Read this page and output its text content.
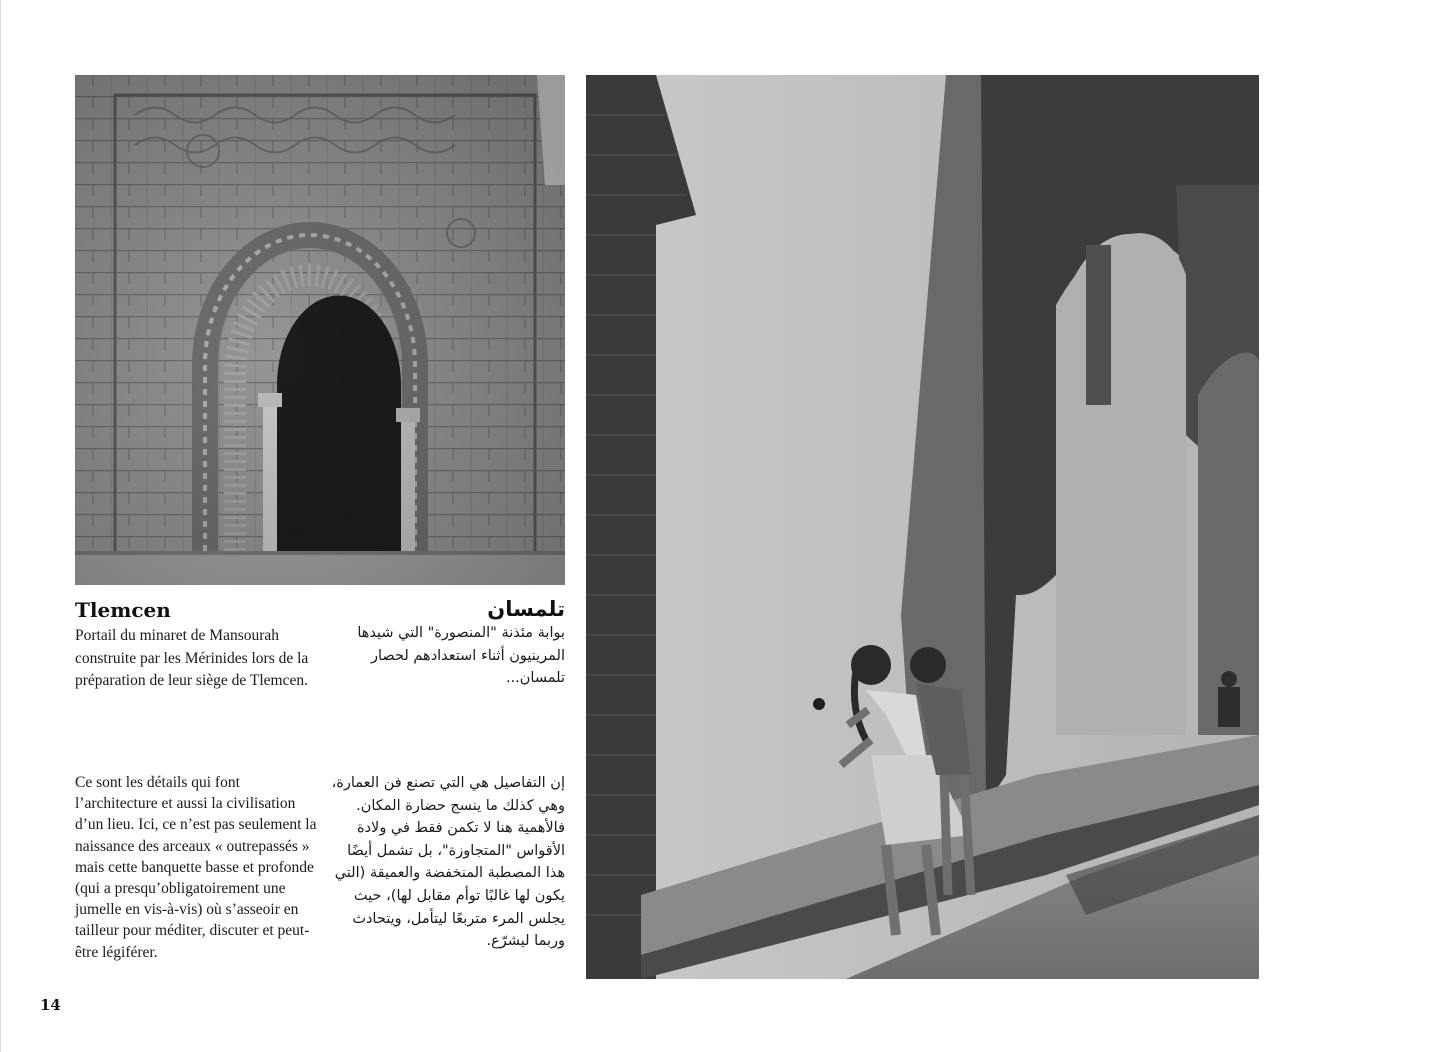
Tlemcen

Portail du minaret de Mansourah construite par les Mérinides lors de la préparation de leur siège de Tlemcen.

تلمسان

بوابة مئذنة "المنصورة" التي شيدها المرينيون أثناء استعدادهم لحصار تلمسان...

Ce sont les détails qui font l’architecture et aussi la civilisation d’un lieu. Ici, ce n’est pas seulement la naissance des arceaux « outrepassés » mais cette banquette basse et profonde (qui a presqu’obligatoirement une jumelle en vis-à-vis) où s’asseoir en tailleur pour méditer, discuter et peut-être légiférer.

إن التفاصيل هي التي تصنع فن العمارة، وهي كذلك ما ينسج حضارة المكان. فالأهمية هنا لا تكمن فقط في ولادة الأقواس "المتجاوزة"، بل تشمل أيضًا هذا المصطبة المنخفضة والعميقة (التي يكون لها غالبًا توأم مقابل لها)، حيث يجلس المرء متربعًا ليتأمل، ويتحادث وربما ليشرّع.

14
